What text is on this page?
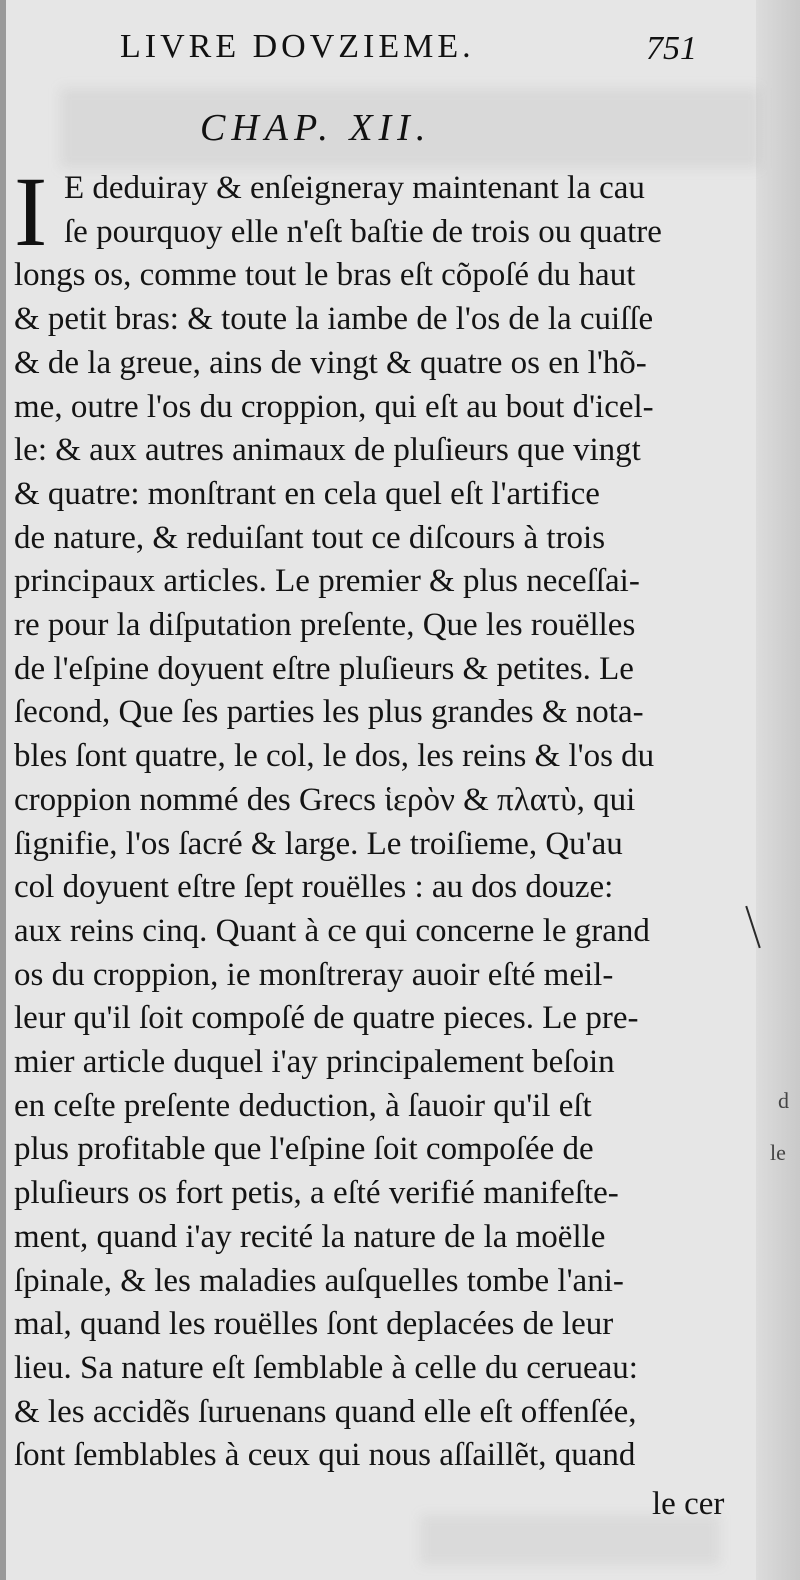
LIVRE DOVZIEME.	751
CHAP. XII.
I E deduiray & enſeigneray maintenant la cau
ſe pourquoy elle n'eſt baſtie de trois ou quatre
longs os, comme tout le bras eſt cõpoſé du haut
& petit bras: & toute la iambe de l'os de la cuiſſe
& de la greue, ains de vingt & quatre os en l'hõ-
me, outre l'os du croppion, qui eſt au bout d'icel-
le: & aux autres animaux de pluſieurs que vingt
& quatre: monſtrant en cela quel eſt l'artifice
de nature, & reduiſant tout ce diſcours à trois
principaux articles. Le premier & plus neceſſai-
re pour la diſputation preſente, Que les rouëlles
de l'eſpine doyuent eſtre pluſieurs & petites. Le
ſecond, Que ſes parties les plus grandes & nota-
bles ſont quatre, le col, le dos, les reins & l'os du
croppion nommé des Grecs ἱερὸν & πλατὺ, qui
ſignifie, l'os ſacré & large. Le troiſieme, Qu'au
col doyuent eſtre ſept rouëlles : au dos douze:
aux reins cinq. Quant à ce qui concerne le grand
os du croppion, ie monſtreray auoir eſté meil-
leur qu'il ſoit compoſé de quatre pieces. Le pre-
mier article duquel i'ay principalement beſoin
en ceſte preſente deduction, à ſauoir qu'il eſt
plus profitable que l'eſpine ſoit compoſée de
pluſieurs os fort petis, a eſté verifié manifeſte-
ment, quand i'ay recité la nature de la moëlle
ſpinale, & les maladies auſquelles tombe l'ani-
mal, quand les rouëlles ſont deplacées de leur
lieu. Sa nature eſt ſemblable à celle du cerueau:
& les accidẽs ſuruenans quand elle eſt offenſée,
ſont ſemblables à ceux qui nous aſſaillẽt, quand
d
le
le cer
